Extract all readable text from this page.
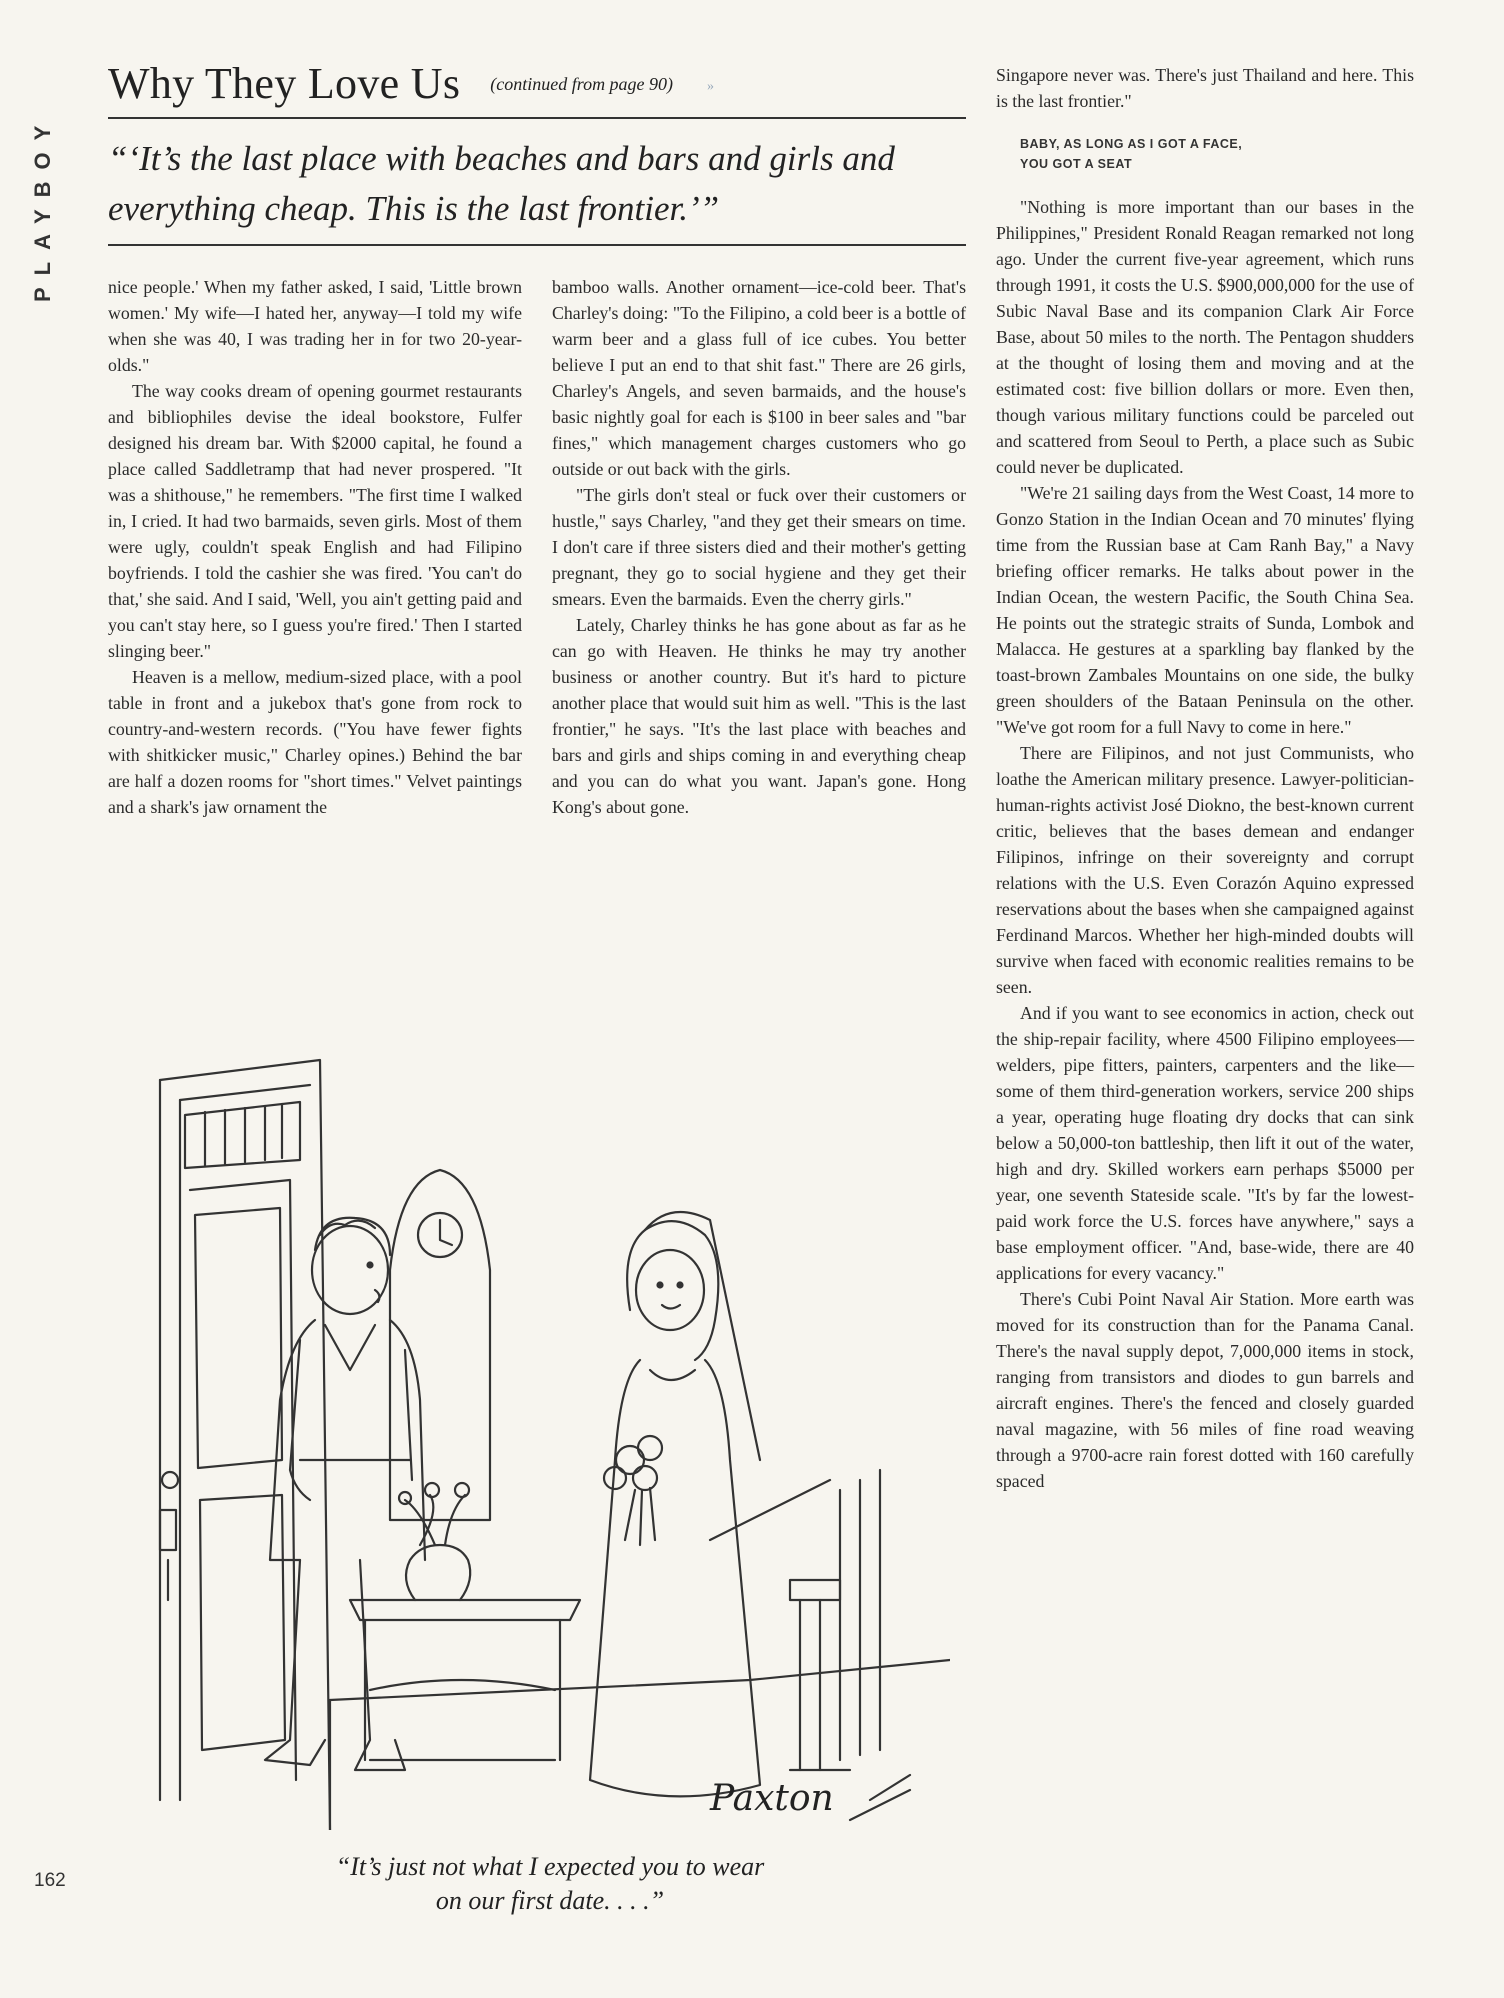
PLAYBOY
Why They Love Us (continued from page 90) »
“‘It’s the last place with beaches and bars and girls and everything cheap. This is the last frontier.’”

nice people.' When my father asked, I said, 'Little brown women.' My wife—I hated her, anyway—I told my wife when she was 40, I was trading her in for two 20-year-olds."

The way cooks dream of opening gourmet restaurants and bibliophiles devise the ideal bookstore, Fulfer designed his dream bar. With $2000 capital, he found a place called Saddletramp that had never prospered. "It was a shithouse," he remembers. "The first time I walked in, I cried. It had two barmaids, seven girls. Most of them were ugly, couldn't speak English and had Filipino boyfriends. I told the cashier she was fired. 'You can't do that,' she said. And I said, 'Well, you ain't getting paid and you can't stay here, so I guess you're fired.' Then I started slinging beer."

Heaven is a mellow, medium-sized place, with a pool table in front and a jukebox that's gone from rock to country-and-western records. ("You have fewer fights with shitkicker music," Charley opines.) Behind the bar are half a dozen rooms for "short times." Velvet paintings and a shark's jaw ornament the

bamboo walls. Another ornament—ice-cold beer. That's Charley's doing: "To the Filipino, a cold beer is a bottle of warm beer and a glass full of ice cubes. You better believe I put an end to that shit fast." There are 26 girls, Charley's Angels, and seven barmaids, and the house's basic nightly goal for each is $100 in beer sales and "bar fines," which management charges customers who go outside or out back with the girls.

"The girls don't steal or fuck over their customers or hustle," says Charley, "and they get their smears on time. I don't care if three sisters died and their mother's getting pregnant, they go to social hygiene and they get their smears. Even the barmaids. Even the cherry girls."

Lately, Charley thinks he has gone about as far as he can go with Heaven. He thinks he may try another business or another country. But it's hard to picture another place that would suit him as well. "This is the last frontier," he says. "It's the last place with beaches and bars and girls and ships coming in and everything cheap and you can do what you want. Japan's gone. Hong Kong's about gone.

Singapore never was. There's just Thailand and here. This is the last frontier."

BABY, AS LONG AS I GOT A FACE,
YOU GOT A SEAT

"Nothing is more important than our bases in the Philippines," President Ronald Reagan remarked not long ago. Under the current five-year agreement, which runs through 1991, it costs the U.S. $900,000,000 for the use of Subic Naval Base and its companion Clark Air Force Base, about 50 miles to the north. The Pentagon shudders at the thought of losing them and moving and at the estimated cost: five billion dollars or more. Even then, though various military functions could be parceled out and scattered from Seoul to Perth, a place such as Subic could never be duplicated.

"We're 21 sailing days from the West Coast, 14 more to Gonzo Station in the Indian Ocean and 70 minutes' flying time from the Russian base at Cam Ranh Bay," a Navy briefing officer remarks. He talks about power in the Indian Ocean, the western Pacific, the South China Sea. He points out the strategic straits of Sunda, Lombok and Malacca. He gestures at a sparkling bay flanked by the toast-brown Zambales Mountains on one side, the bulky green shoulders of the Bataan Peninsula on the other. "We've got room for a full Navy to come in here."

There are Filipinos, and not just Communists, who loathe the American military presence. Lawyer-politician-human-rights activist José Diokno, the best-known current critic, believes that the bases demean and endanger Filipinos, infringe on their sovereignty and corrupt relations with the U.S. Even Corazón Aquino expressed reservations about the bases when she campaigned against Ferdinand Marcos. Whether her high-minded doubts will survive when faced with economic realities remains to be seen.

And if you want to see economics in action, check out the ship-repair facility, where 4500 Filipino employees—welders, pipe fitters, painters, carpenters and the like—some of them third-generation workers, service 200 ships a year, operating huge floating dry docks that can sink below a 50,000-ton battleship, then lift it out of the water, high and dry. Skilled workers earn perhaps $5000 per year, one seventh Stateside scale. "It's by far the lowest-paid work force the U.S. forces have anywhere," says a base employment officer. "And, base-wide, there are 40 applications for every vacancy."

There's Cubi Point Naval Air Station. More earth was moved for its construction than for the Panama Canal. There's the naval supply depot, 7,000,000 items in stock, ranging from transistors and diodes to gun barrels and aircraft engines. There's the fenced and closely guarded naval magazine, with 56 miles of fine road weaving through a 9700-acre rain forest dotted with 160 carefully spaced

Paxton
“It’s just not what I expected you to wear
on our first date. . . .”
162
